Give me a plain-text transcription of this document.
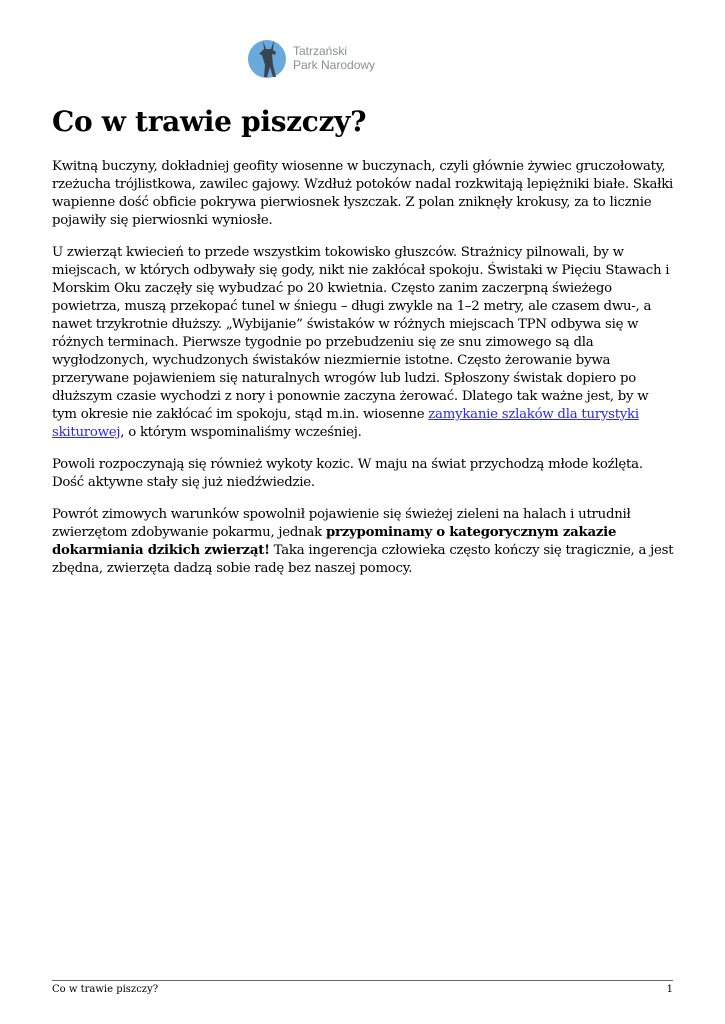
Tatrzański
Park Narodowy
Co w trawie piszczy?

Kwitną buczyny, dokładniej geofity wiosenne w buczynach, czyli głównie żywiec gruczołowaty, rzeżucha trójlistkowa, zawilec gajowy. Wzdłuż potoków nadal rozkwitają lepiężniki białe. Skałki wapienne dość obficie pokrywa pierwiosnek łyszczak. Z polan zniknęły krokusy, za to licznie pojawiły się pierwiosnki wyniosłe.

U zwierząt kwiecień to przede wszystkim tokowisko głuszców. Strażnicy pilnowali, by w miejscach, w których odbywały się gody, nikt nie zakłócał spokoju. Świstaki w Pięciu Stawach i Morskim Oku zaczęły się wybudzać po 20 kwietnia. Często zanim zaczerpną świeżego powietrza, muszą przekopać tunel w śniegu – długi zwykle na 1–2 metry, ale czasem dwu-, a nawet trzykrotnie dłuższy. „Wybijanie” świstaków w różnych miejscach TPN odbywa się w różnych terminach. Pierwsze tygodnie po przebudzeniu się ze snu zimowego są dla wygłodzonych, wychudzonych świstaków niezmiernie istotne. Często żerowanie bywa przerywane pojawieniem się naturalnych wrogów lub ludzi. Spłoszony świstak dopiero po dłuższym czasie wychodzi z nory i ponownie zaczyna żerować. Dlatego tak ważne jest, by w tym okresie nie zakłócać im spokoju, stąd m.in. wiosenne zamykanie szlaków dla turystyki skiturowej, o którym wspominaliśmy wcześniej.

Powoli rozpoczynają się również wykoty kozic. W maju na świat przychodzą młode koźlęta. Dość aktywne stały się już niedźwiedzie.

Powrót zimowych warunków spowolnił pojawienie się świeżej zieleni na halach i utrudnił zwierzętom zdobywanie pokarmu, jednak przypominamy o kategorycznym zakazie dokarmiania dzikich zwierząt! Taka ingerencja człowieka często kończy się tragicznie, a jest zbędna, zwierzęta dadzą sobie radę bez naszej pomocy.

Co w trawie piszczy?	1
